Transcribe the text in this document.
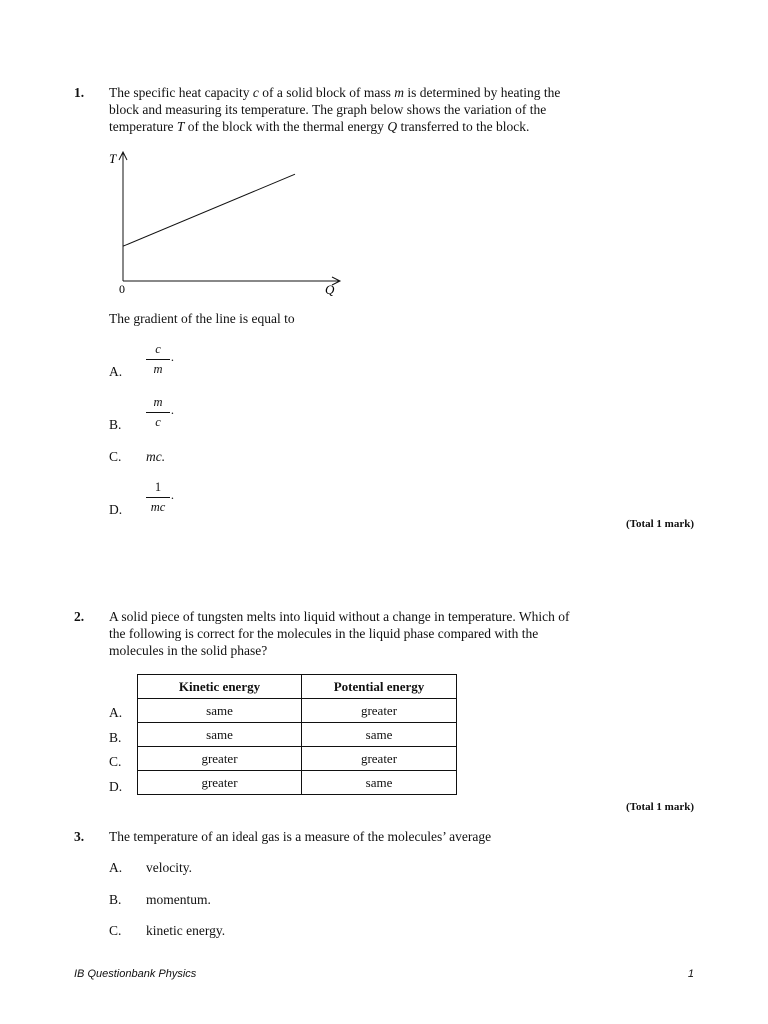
1. The specific heat capacity c of a solid block of mass m is determined by heating the
block and measuring its temperature. The graph below shows the variation of the
temperature T of the block with the thermal energy Q transferred to the block.
T
Q
0
The gradient of the line is equal to
A.
c
m
.
B.
m
c
.
C. mc.
D.
1
mc
.
(Total 1 mark)
2. A solid piece of tungsten melts into liquid without a change in temperature. Which of
the following is correct for the molecules in the liquid phase compared with the
molecules in the solid phase?
Kinetic energy	Potential energy
same	greater
same	same
greater	greater
greater	same
A.
B.
C.
D.
(Total 1 mark)
3. The temperature of an ideal gas is a measure of the molecules’ average
A. velocity.
B. momentum.
C. kinetic energy.
IB Questionbank Physics	1
